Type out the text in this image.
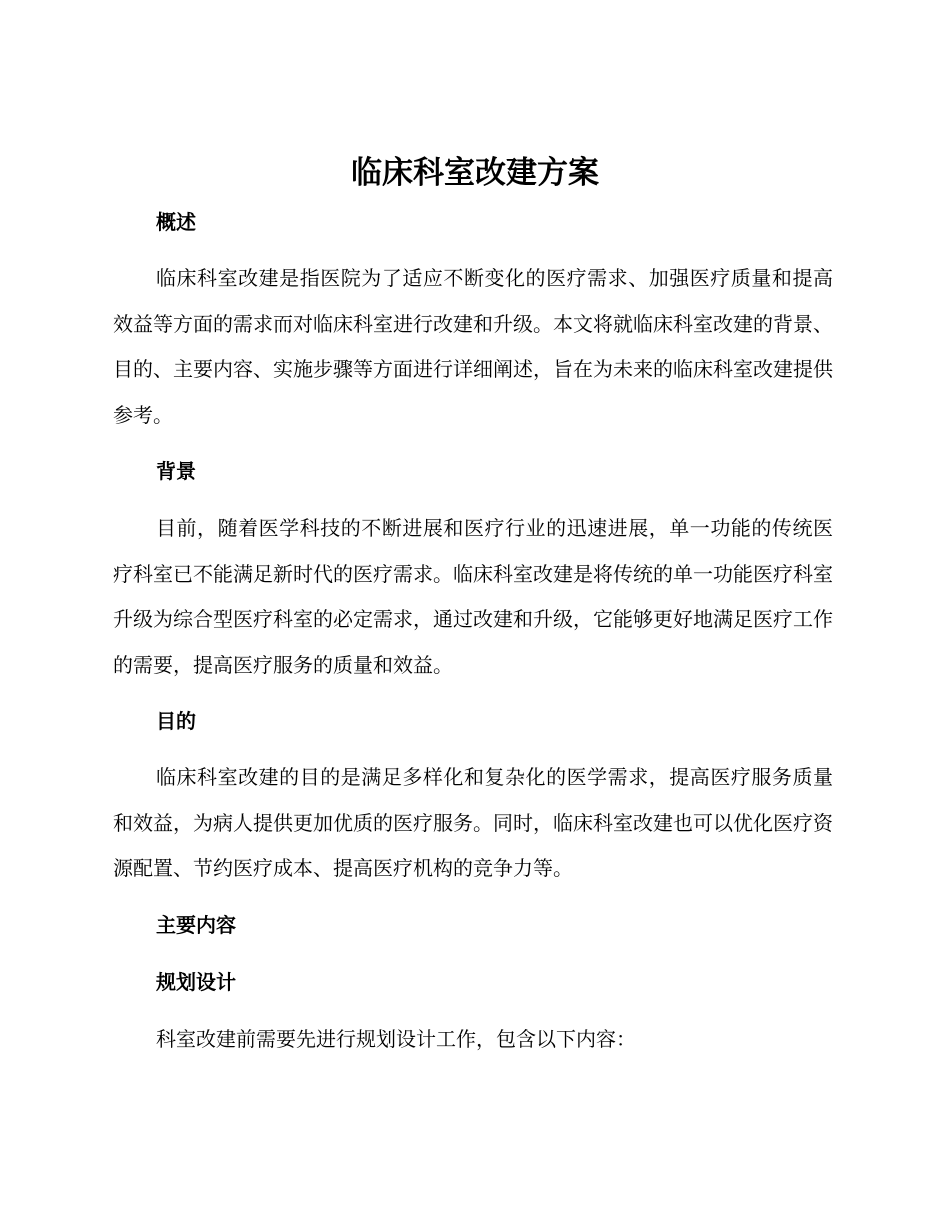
临床科室改建方案
概述

临床科室改建是指医院为了适应不断变化的医疗需求、加强医疗质量和提高效益等方面的需求而对临床科室进行改建和升级。本文将就临床科室改建的背景、目的、主要内容、实施步骤等方面进行详细阐述，旨在为未来的临床科室改建提供参考。

背景

目前，随着医学科技的不断进展和医疗行业的迅速进展，单一功能的传统医疗科室已不能满足新时代的医疗需求。临床科室改建是将传统的单一功能医疗科室升级为综合型医疗科室的必定需求，通过改建和升级，它能够更好地满足医疗工作的需要，提高医疗服务的质量和效益。

目的

临床科室改建的目的是满足多样化和复杂化的医学需求，提高医疗服务质量和效益，为病人提供更加优质的医疗服务。同时，临床科室改建也可以优化医疗资源配置、节约医疗成本、提高医疗机构的竞争力等。

主要内容
规划设计

科室改建前需要先进行规划设计工作，包含以下内容：
